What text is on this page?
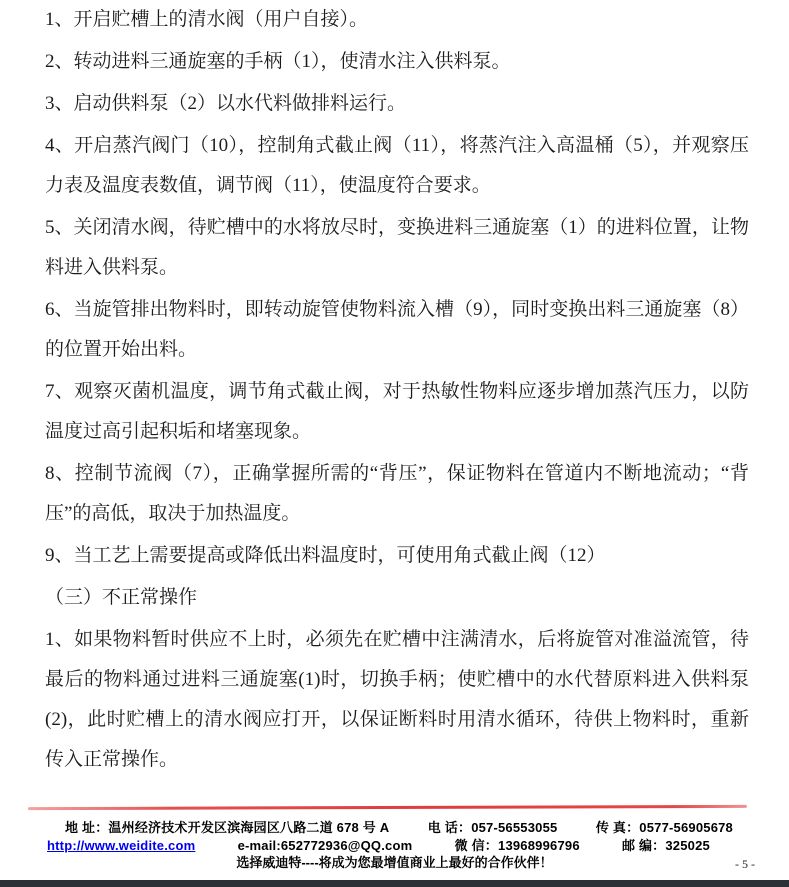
1、开启贮槽上的清水阀（用户自接）。

2、转动进料三通旋塞的手柄（1），使清水注入供料泵。

3、启动供料泵（2）以水代料做排料运行。

4、开启蒸汽阀门（10），控制角式截止阀（11），将蒸汽注入高温桶（5），并观察压力表及温度表数值，调节阀（11），使温度符合要求。

5、关闭清水阀，待贮槽中的水将放尽时，变换进料三通旋塞（1）的进料位置，让物料进入供料泵。

6、当旋管排出物料时，即转动旋管使物料流入槽（9），同时变换出料三通旋塞（8）的位置开始出料。

7、观察灭菌机温度，调节角式截止阀，对于热敏性物料应逐步增加蒸汽压力，以防温度过高引起积垢和堵塞现象。

8、控制节流阀（7），正确掌握所需的“背压”，保证物料在管道内不断地流动；“背压”的高低，取决于加热温度。

9、当工艺上需要提高或降低出料温度时，可使用角式截止阀（12）

（三）不正常操作

1、如果物料暂时供应不上时，必须先在贮槽中注满清水，后将旋管对准溢流管，待最后的物料通过进料三通旋塞(1)时，切换手柄；使贮槽中的水代替原料进入供料泵(2)，此时贮槽上的清水阀应打开，以保证断料时用清水循环，待供上物料时，重新传入正常操作。

地 址：温州经济技术开发区滨海园区八路二道 678 号 A	电 话：057-56553055	传 真：0577-56905678
http://www.weidite.com	e-mail:652772936@QQ.com	微 信：13968996796	邮 编：325025
选择威迪特----将成为您最增值商业上最好的合作伙伴！	- 5 -
